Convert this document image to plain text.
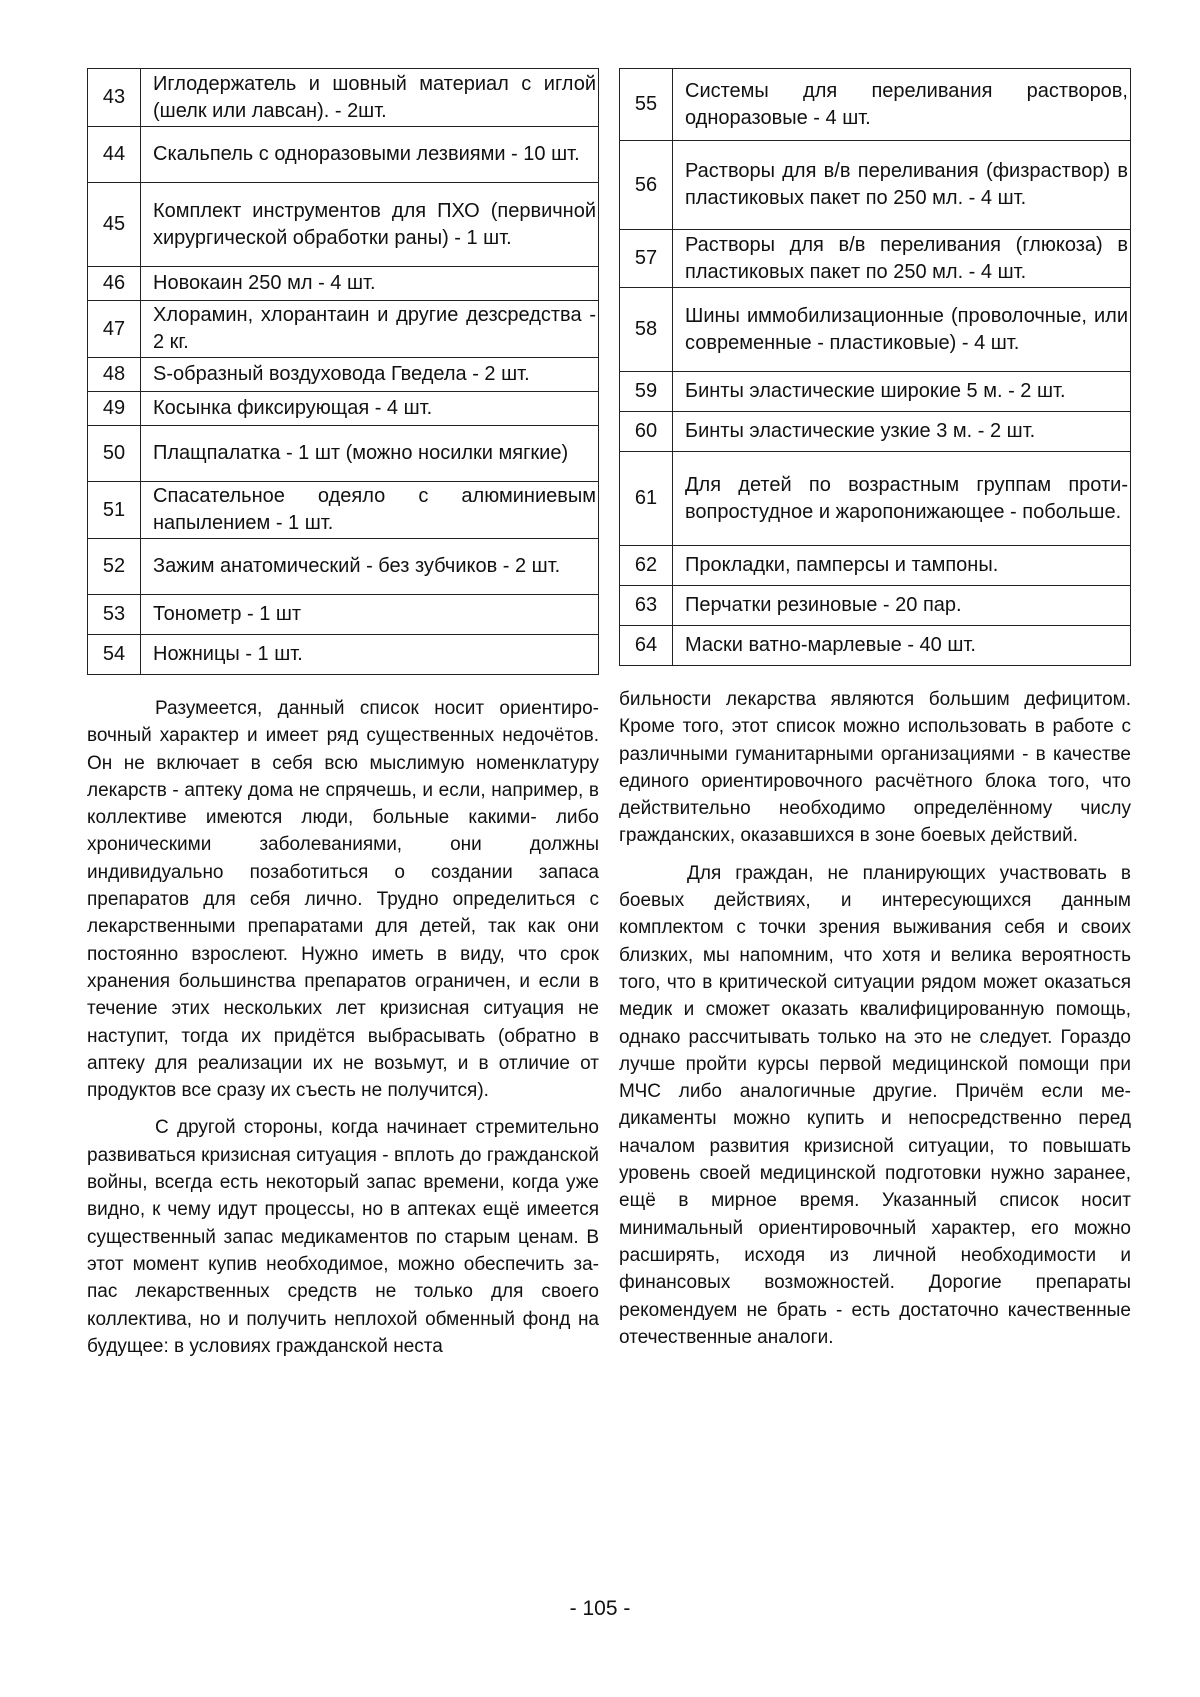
43	Иглодержатель и шовный материал с иглой (шелк или лавсан). - 2шт.
44	Скальпель с одноразовыми лезвиями - 10 шт.
45	Комплект инструментов для ПХО (первичной хирургической обработки раны) - 1 шт.
46	Новокаин 250 мл - 4 шт.
47	Хлорамин, хлорантаин и другие дезсредства - 2 кг.
48	S-образный воздуховода Гведела - 2 шт.
49	Косынка фиксирующая - 4 шт.
50	Плащпалатка - 1 шт (можно носилки мягкие)
51	Спасательное одеяло с алюминиевым напылением - 1 шт.
52	Зажим анатомический - без зубчиков - 2 шт.
53	Тонометр - 1 шт
54	Ножницы - 1 шт.

Разумеется, данный список носит ориентировочный характер и имеет ряд существенных недочётов. Он не включает в себя всю мыслимую номенклатуру лекарств - аптеку дома не спрячешь, и если, например, в коллективе имеются люди, больные какими- либо хроническими заболеваниями, они должны индивидуально позаботиться о создании запаса препаратов для себя лично. Трудно определиться с лекарственными препаратами для детей, так как они постоянно взрослеют. Нужно иметь в виду, что срок хранения большинства препаратов ограничен, и если в течение этих нескольких лет кризисная ситуация не наступит, тогда их придётся выбрасывать (обратно в аптеку для реализации их не возьмут, и в отличие от продуктов все сразу их съесть не получится).

С другой стороны, когда начинает стремительно развиваться кризисная ситуация - вплоть до гражданской войны, всегда есть некоторый запас времени, когда уже видно, к чему идут процессы, но в аптеках ещё имеется существенный запас медикаментов по старым ценам. В этот момент купив необходимое, можно обеспечить запас лекарственных средств не только для своего коллектива, но и получить неплохой обменный фонд на будущее: в условиях гражданской неста

55	Системы для переливания растворов, одноразовые - 4 шт.
56	Растворы для в/в переливания (физраствор) в пластиковых пакет по 250 мл. - 4 шт.
57	Растворы для в/в переливания (глюкоза) в пластиковых пакет по 250 мл. - 4 шт.
58	Шины иммобилизационные (проволочные, или современные - пластиковые) - 4 шт.
59	Бинты эластические широкие 5 м. - 2 шт.
60	Бинты эластические узкие 3 м. - 2 шт.
61	Для детей по возрастным группам противопростудное и жаропонижающее - побольше.
62	Прокладки, памперсы и тампоны.
63	Перчатки резиновые - 20 пар.
64	Маски ватно-марлевые - 40 шт.

бильности лекарства являются большим дефицитом. Кроме того, этот список можно использовать в работе с различными гуманитарными организациями - в качестве единого ориентировочного расчётного блока того, что действительно необходимо определённому числу гражданских, оказавшихся в зоне боевых действий.

Для граждан, не планирующих участвовать в боевых действиях, и интересующихся данным комплектом с точки зрения выживания себя и своих близких, мы напомним, что хотя и велика вероятность того, что в критической ситуации рядом может оказаться медик и сможет оказать квалифицированную помощь, однако рассчитывать только на это не следует. Гораздо лучше пройти курсы первой медицинской помощи при МЧС либо аналогичные другие. Причём если медикаменты можно купить и непосредственно перед началом развития кризисной ситуации, то повышать уровень своей медицинской подготовки нужно заранее, ещё в мирное время. Указанный список носит минимальный ориентировочный характер, его можно расширять, исходя из личной необходимости и финансовых возможностей. Дорогие препараты рекомендуем не брать - есть достаточно качественные отечественные аналоги.

- 105 -
